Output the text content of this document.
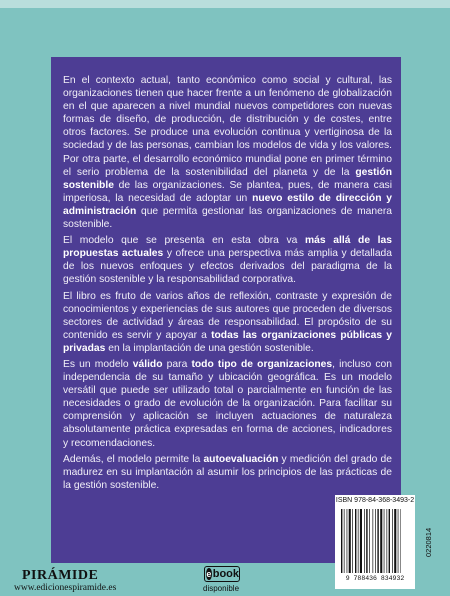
En el contexto actual, tanto económico como social y cultural, las organizaciones tienen que hacer frente a un fenómeno de globalización en el que aparecen a nivel mundial nuevos competidores con nuevas formas de diseño, de producción, de distribución y de costes, entre otros factores. Se produce una evolución continua y vertiginosa de la sociedad y de las personas, cambian los modelos de vida y los valores. Por otra parte, el desarrollo económico mundial pone en primer término el serio problema de la sostenibilidad del planeta y de la gestión sostenible de las organizaciones. Se plantea, pues, de manera casi imperiosa, la necesidad de adoptar un nuevo estilo de dirección y administración que permita gestionar las organizaciones de manera sostenible.

El modelo que se presenta en esta obra va más allá de las propuestas actuales y ofrece una perspectiva más amplia y detallada de los nuevos enfoques y efectos derivados del paradigma de la gestión sostenible y la responsabilidad corporativa.

El libro es fruto de varios años de reflexión, contraste y expresión de conocimientos y experiencias de sus autores que proceden de diversos sectores de actividad y áreas de responsabilidad. El propósito de su contenido es servir y apoyar a todas las organizaciones públicas y privadas en la implantación de una gestión sostenible.

Es un modelo válido para todo tipo de organizaciones, incluso con independencia de su tamaño y ubicación geográfica. Es un modelo versátil que puede ser utilizado total o parcialmente en función de las necesidades o grado de evolución de la organización. Para facilitar su comprensión y aplicación se incluyen actuaciones de naturaleza absolutamente práctica expresadas en forma de acciones, indicadores y recomendaciones.

Además, el modelo permite la autoevaluación y medición del grado de madurez en su implantación al asumir los principios de las prácticas de la gestión sostenible.

ISBN 978-84-368-3493-2
9 788436 834932
0220814
PIRÁMIDE
www.edicionespiramide.es
e book
disponible
